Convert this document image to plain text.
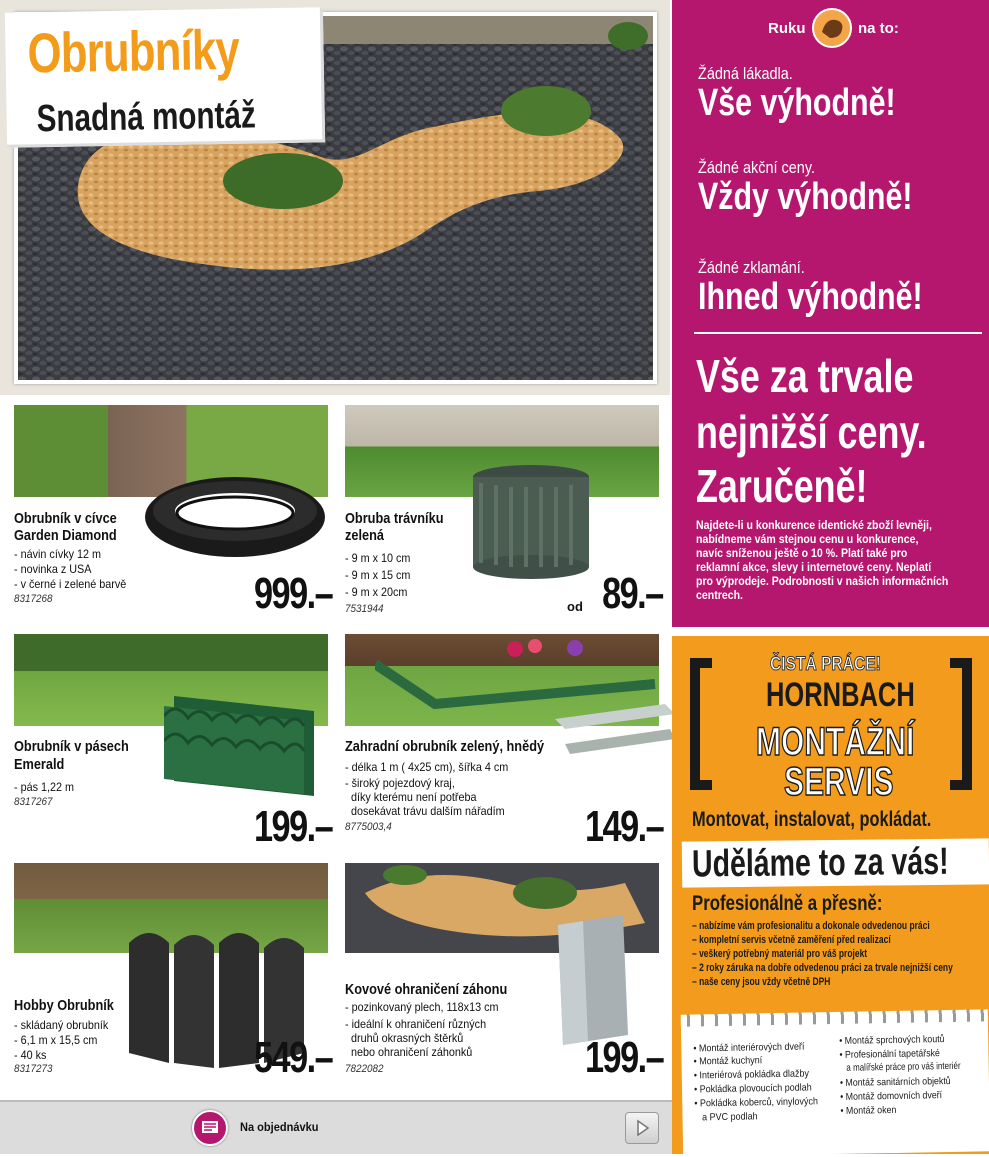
Obrubníky
Snadná montáž
Obrubník v cívce
Garden Diamond
- návin cívky 12 m
- novinka z USA
- v černé i zelené barvě
8317268	999.–
Obruba trávníku
zelená
- 9 m x 10 cm
- 9 m x 15 cm
- 9 m x 20cm
7531944	od 89.–
Obrubník v pásech
Emerald
- pás 1,22 m
8317267	199.–
Zahradní obrubník zelený, hnědý
- délka 1 m ( 4x25 cm), šířka 4 cm
- široký pojezdový kraj,
díky kterému není potřeba
dosekávat trávu dalším nářadím
8775003,4	149.–
Hobby Obrubník
- skládaný obrubník
- 6,1 m x 15,5 cm
- 40 ks
8317273	549.–
Kovové ohraničení záhonu
- pozinkovaný plech, 118x13 cm
- ideální k ohraničení různých
druhů okrasných štěrků
nebo ohraničení záhonků
7822082	199.–
Ruku	na to:
Žádná lákadla.
Vše výhodně!
Žádné akční ceny.
Vždy výhodně!
Žádné zklamání.
Ihned výhodně!
Vše za trvale
nejnižší ceny.
Zaručeně!
Najdete-li u konkurence identické zboží levněji,
nabídneme vám stejnou cenu u konkurence,
navíc sníženou ještě o 10 %. Platí také pro
reklamní akce, slevy i internetové ceny. Neplatí
pro výprodeje. Podrobnosti v našich informačních
centrech.
ČISTÁ PRÁCE!
HORNBACH
MONTÁŽNÍ
SERVIS
Montovat, instalovat, pokládat.
Uděláme to za vás!
Profesionálně a přesně:
– nabízíme vám profesionalitu a dokonale odvedenou práci
– kompletní servis včetně zaměření před realizací
– veškerý potřebný materiál pro váš projekt
– 2 roky záruka na dobře odvedenou práci za trvale nejnižší ceny
– naše ceny jsou vždy včetně DPH
• Montáž interiérových dveří
• Montáž kuchyní
• Interiérová pokládka dlažby
• Pokládka plovoucích podlah
• Pokládka koberců, vinylových
a PVC podlah
• Montáž sprchových koutů
• Profesionální tapetářské
a malířské práce pro váš interiér
• Montáž sanitárních objektů
• Montáž domovních dveří
• Montáž oken
Na objednávku
